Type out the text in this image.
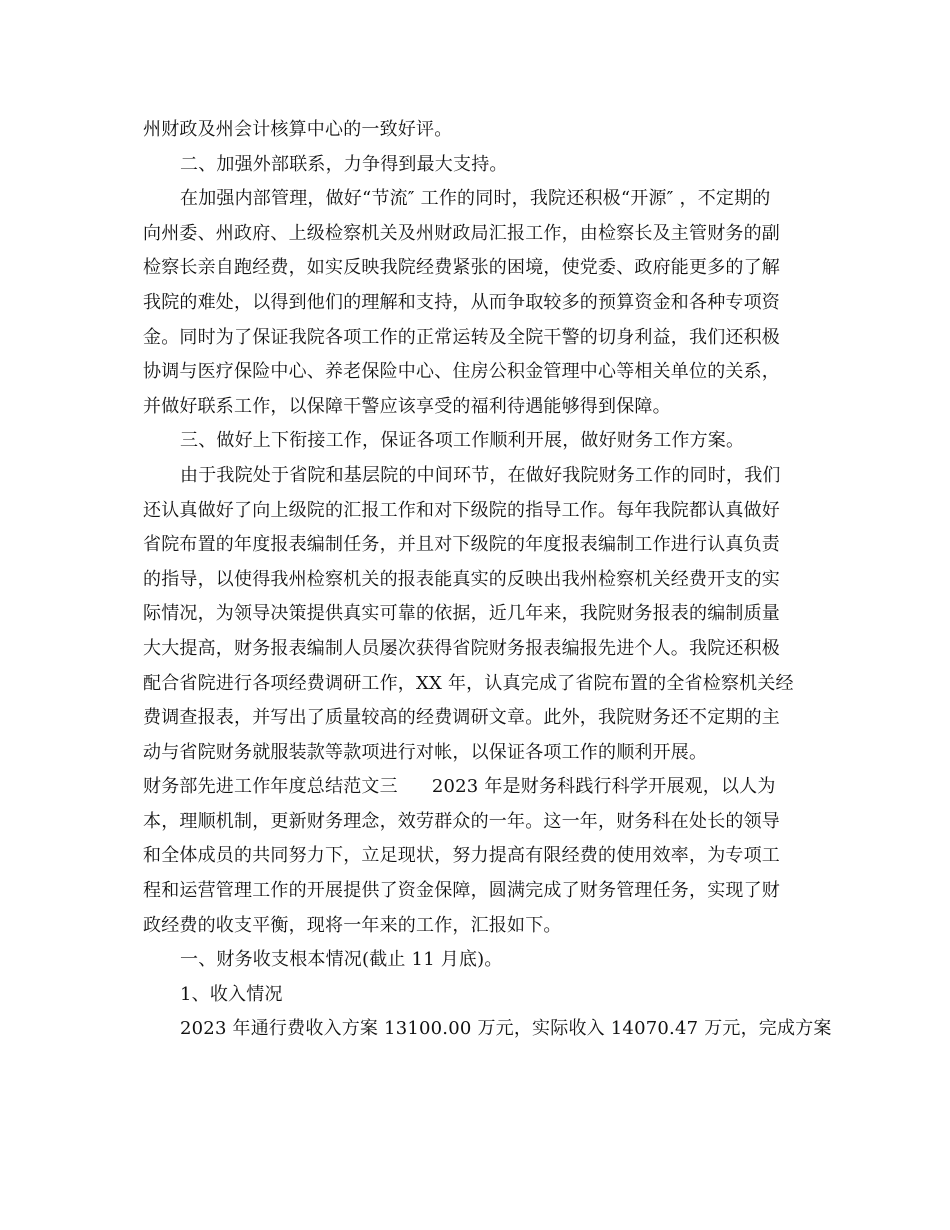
州财政及州会计核算中心的一致好评。
二、加强外部联系，力争得到最大支持。
在加强内部管理，做好“节流″ 工作的同时，我院还积极“开源″ ，不定期的
向州委、州政府、上级检察机关及州财政局汇报工作，由检察长及主管财务的副
检察长亲自跑经费，如实反映我院经费紧张的困境，使党委、政府能更多的了解
我院的难处，以得到他们的理解和支持，从而争取较多的预算资金和各种专项资
金。同时为了保证我院各项工作的正常运转及全院干警的切身利益，我们还积极
协调与医疗保险中心、养老保险中心、住房公积金管理中心等相关单位的关系，
并做好联系工作，以保障干警应该享受的福利待遇能够得到保障。
三、做好上下衔接工作，保证各项工作顺利开展，做好财务工作方案。
由于我院处于省院和基层院的中间环节，在做好我院财务工作的同时，我们
还认真做好了向上级院的汇报工作和对下级院的指导工作。每年我院都认真做好
省院布置的年度报表编制任务，并且对下级院的年度报表编制工作进行认真负责
的指导，以使得我州检察机关的报表能真实的反映出我州检察机关经费开支的实
际情况，为领导决策提供真实可靠的依据，近几年来，我院财务报表的编制质量
大大提高，财务报表编制人员屡次获得省院财务报表编报先进个人。我院还积极
配合省院进行各项经费调研工作，XX 年，认真完成了省院布置的全省检察机关经
费调查报表，并写出了质量较高的经费调研文章。此外，我院财务还不定期的主
动与省院财务就服装款等款项进行对帐，以保证各项工作的顺利开展。
财务部先进工作年度总结范文三 2023 年是财务科践行科学开展观，以人为
本，理顺机制，更新财务理念，效劳群众的一年。这一年，财务科在处长的领导
和全体成员的共同努力下，立足现状，努力提高有限经费的使用效率，为专项工
程和运营管理工作的开展提供了资金保障，圆满完成了财务管理任务，实现了财
政经费的收支平衡，现将一年来的工作，汇报如下。
一、财务收支根本情况(截止 11 月底)。
1、收入情况
2023 年通行费收入方案 13100.00 万元，实际收入 14070.47 万元，完成方案
